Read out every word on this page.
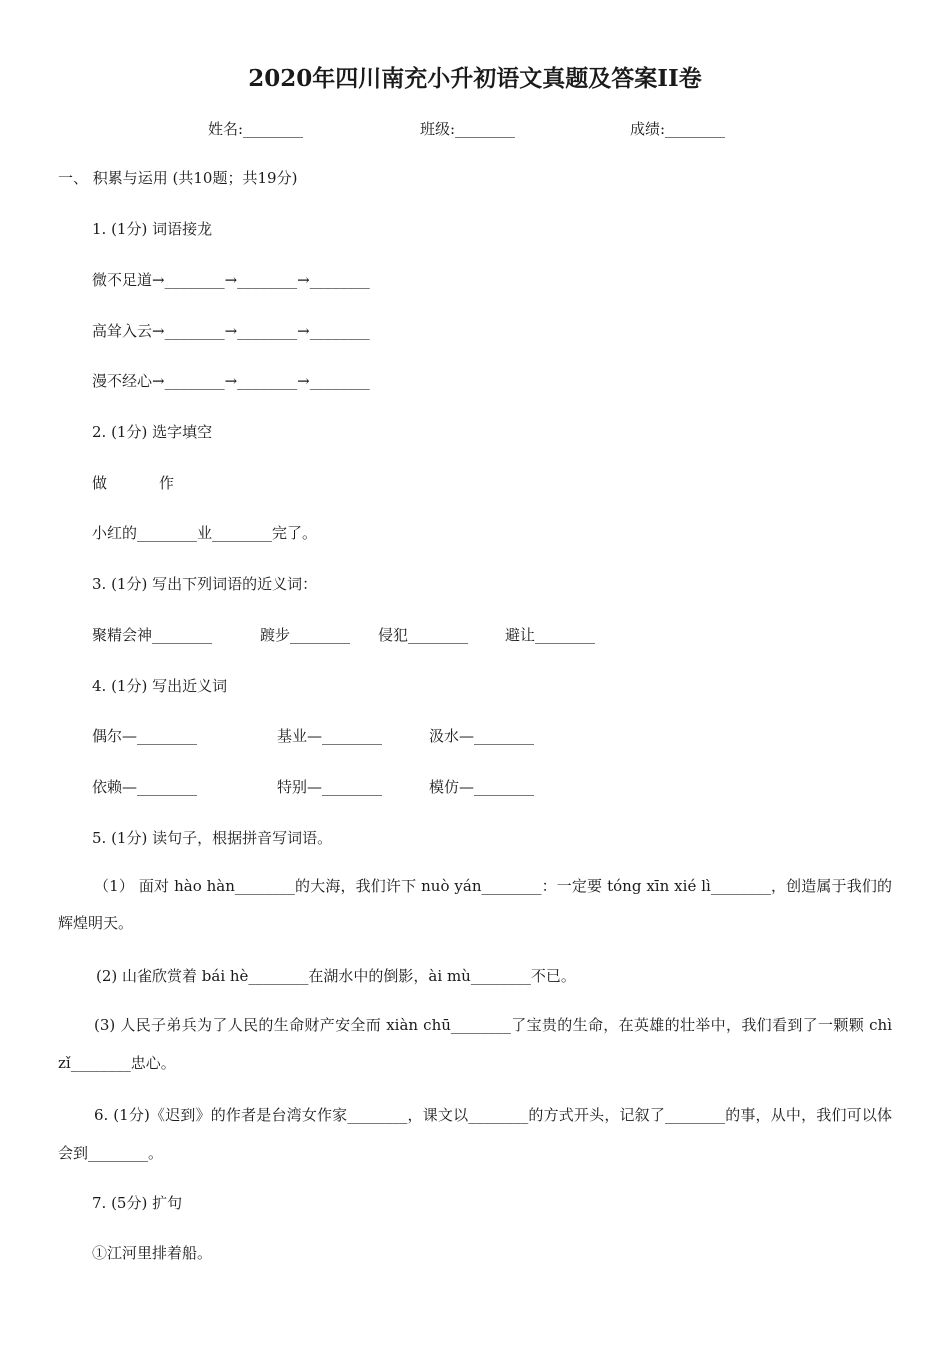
2020年四川南充小升初语文真题及答案II卷
姓名:________	班级:________	成绩:________
一、 积累与运用 (共10题；共19分)
1. (1分) 词语接龙
微不足道→________→________→________
高耸入云→________→________→________
漫不经心→________→________→________
2. (1分) 选字填空
做	作
小红的________业________完了。
3. (1分) 写出下列词语的近义词：
聚精会神________	踱步________ 侵犯________ 避让________
4. (1分) 写出近义词
偶尔—________	基业—________	汲水—________
依赖—________	特别—________	模仿—________
5. (1分) 读句子，根据拼音写词语。
（1） 面对 hào hàn________的大海，我们许下 nuò yán________：一定要 tóng xīn xié lì________，创造属于我们的辉煌明天。
(2) 山雀欣赏着 bái hè________在湖水中的倒影，ài mù________不已。
(3) 人民子弟兵为了人民的生命财产安全而 xiàn chū________了宝贵的生命，在英雄的壮举中，我们看到了一颗颗 chì zǐ________忠心。
6. (1分)《迟到》的作者是台湾女作家________，课文以________的方式开头，记叙了________的事，从中，我们可以体会到________。
7. (5分) 扩句
①江河里排着船。
